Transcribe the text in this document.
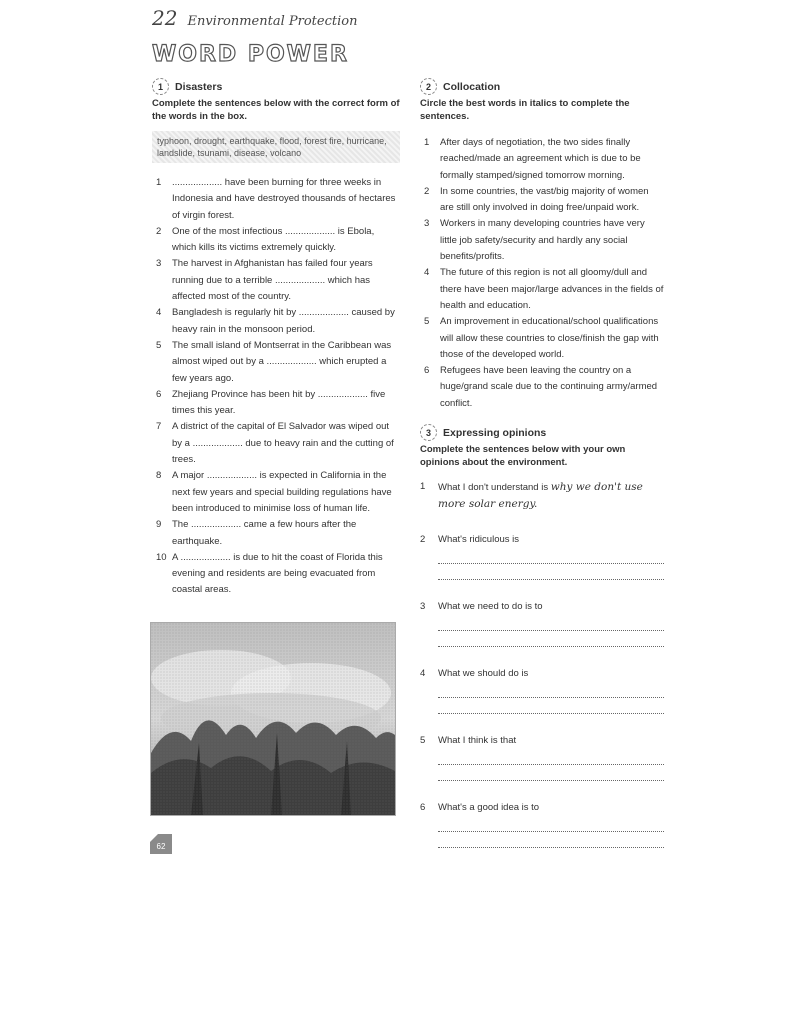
22 Environmental Protection
WORD POWER
1	Disasters
Complete the sentences below with the correct form of the words in the box.
typhoon, drought, earthquake, flood, forest fire, hurricane, landslide, tsunami, disease, volcano
1	................... have been burning for three weeks in Indonesia and have destroyed thousands of hectares of virgin forest.
2	One of the most infectious ................... is Ebola, which kills its victims extremely quickly.
3	The harvest in Afghanistan has failed four years running due to a terrible ................... which has affected most of the country.
4	Bangladesh is regularly hit by ................... caused by heavy rain in the monsoon period.
5	The small island of Montserrat in the Caribbean was almost wiped out by a ................... which erupted a few years ago.
6	Zhejiang Province has been hit by ................... five times this year.
7	A district of the capital of El Salvador was wiped out by a ................... due to heavy rain and the cutting of trees.
8	A major ................... is expected in California in the next few years and special building regulations have been introduced to minimise loss of human life.
9	The ................... came a few hours after the earthquake.
10 A ................... is due to hit the coast of Florida this evening and residents are being evacuated from coastal areas.
2	Collocation
Circle the best words in italics to complete the sentences.
1	After days of negotiation, the two sides finally reached/made an agreement which is due to be formally stamped/signed tomorrow morning.
2	In some countries, the vast/big majority of women are still only involved in doing free/unpaid work.
3	Workers in many developing countries have very little job safety/security and hardly any social benefits/profits.
4	The future of this region is not all gloomy/dull and there have been major/large advances in the fields of health and education.
5	An improvement in educational/school qualifications will allow these countries to close/finish the gap with those of the developed world.
6	Refugees have been leaving the country on a huge/grand scale due to the continuing army/armed conflict.
3	Expressing opinions
Complete the sentences below with your own opinions about the environment.
1	What I don't understand is why we don't use more solar energy.
2	What's ridiculous is
3	What we need to do is to
4	What we should do is
5	What I think is that
6	What's a good idea is to
62
